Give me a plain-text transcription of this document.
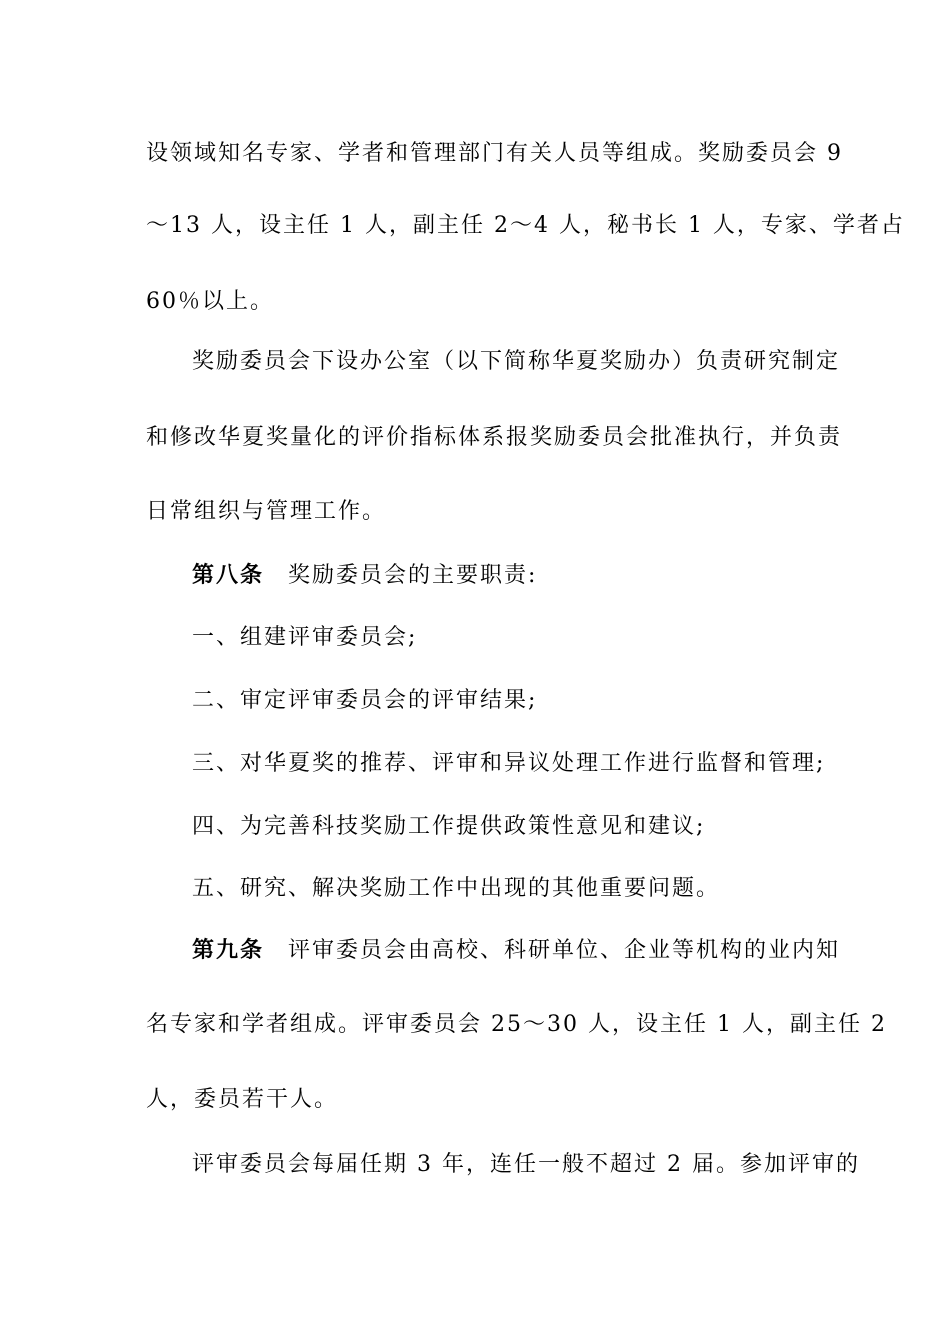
设领域知名专家、学者和管理部门有关人员等组成。奖励委员会 9
～13 人，设主任 1 人，副主任 2～4 人，秘书长 1 人，专家、学者占
60％以上。
奖励委员会下设办公室（以下简称华夏奖励办）负责研究制定
和修改华夏奖量化的评价指标体系报奖励委员会批准执行，并负责
日常组织与管理工作。
第八条 奖励委员会的主要职责:
一、组建评审委员会;
二、审定评审委员会的评审结果;
三、对华夏奖的推荐、评审和异议处理工作进行监督和管理;
四、为完善科技奖励工作提供政策性意见和建议;
五、研究、解决奖励工作中出现的其他重要问题。
第九条 评审委员会由高校、科研单位、企业等机构的业内知
名专家和学者组成。评审委员会 25～30 人，设主任 1 人，副主任 2
人，委员若干人。
评审委员会每届任期 3 年，连任一般不超过 2 届。参加评审的
